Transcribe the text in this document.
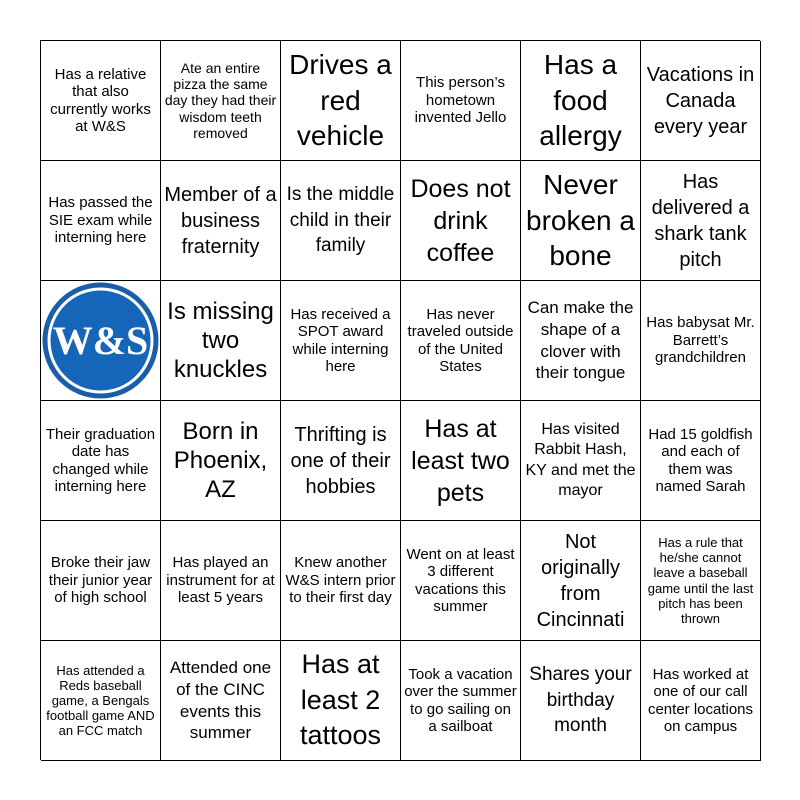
Has a relative that also currently works at W&S
Ate an entire pizza the same day they had their wisdom teeth removed
Drives a red vehicle
This person’s hometown invented Jello
Has a food allergy
Vacations in Canada every year
Has passed the SIE exam while interning here
Member of a business fraternity
Is the middle child in their family
Does not drink coffee
Never broken a bone
Has delivered a shark tank pitch
W&S
Is missing two knuckles
Has received a SPOT award while interning here
Has never traveled outside of the United States
Can make the shape of a clover with their tongue
Has babysat Mr. Barrett’s grandchildren
Their graduation date has changed while interning here
Born in Phoenix, AZ
Thrifting is one of their hobbies
Has at least two pets
Has visited Rabbit Hash, KY and met the mayor
Had 15 goldfish and each of them was named Sarah
Broke their jaw their junior year of high school
Has played an instrument for at least 5 years
Knew another W&S intern prior to their first day
Went on at least 3 different vacations this summer
Not originally from Cincinnati
Has a rule that he/she cannot leave a baseball game until the last pitch has been thrown
Has attended a Reds baseball game, a Bengals football game AND an FCC match
Attended one of the CINC events this summer
Has at least 2 tattoos
Took a vacation over the summer to go sailing on a sailboat
Shares your birthday month
Has worked at one of our call center locations on campus
